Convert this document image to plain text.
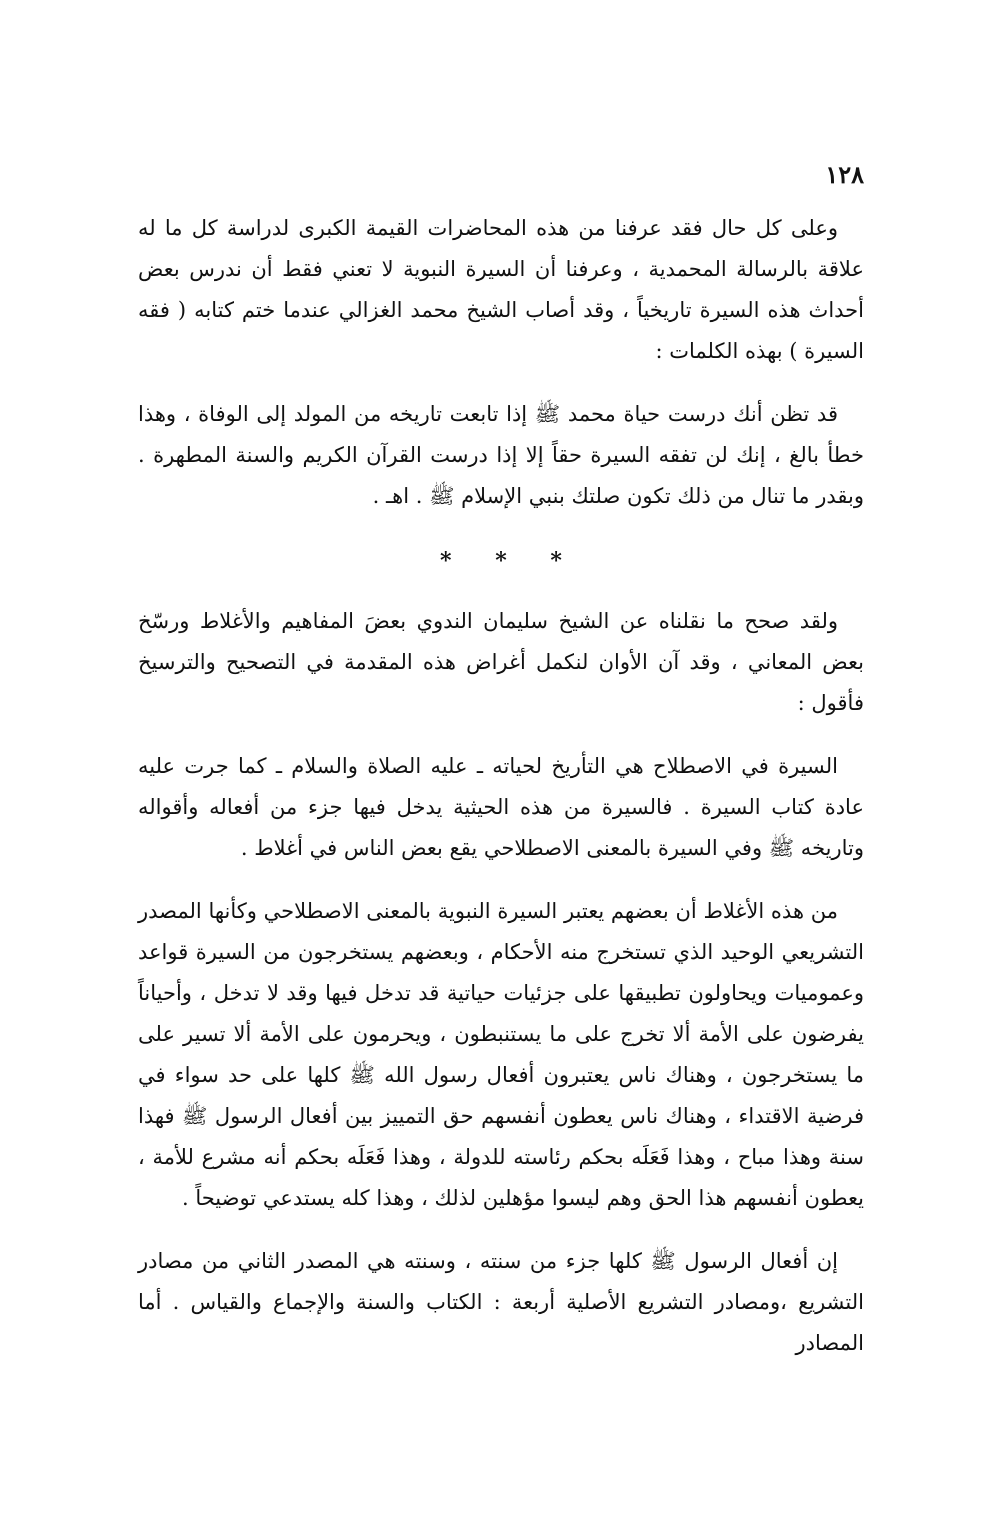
١٢٨

وعلى كل حال فقد عرفنا من هذه المحاضرات القيمة الكبرى لدراسة كل ما له علاقة بالرسالة المحمدية ، وعرفنا أن السيرة النبوية لا تعني فقط أن ندرس بعض أحداث هذه السيرة تاريخياً ، وقد أصاب الشيخ محمد الغزالي عندما ختم كتابه ( فقه السيرة ) بهذه الكلمات :

قد تظن أنك درست حياة محمد ﷺ إذا تابعت تاريخه من المولد إلى الوفاة ، وهذا خطأ بالغ ، إنك لن تفقه السيرة حقاً إلا إذا درست القرآن الكريم والسنة المطهرة . وبقدر ما تنال من ذلك تكون صلتك بنبي الإسلام ﷺ . اهـ .

* * *

ولقد صحح ما نقلناه عن الشيخ سليمان الندوي بعضَ المفاهيم والأغلاط ورسّخ بعض المعاني ، وقد آن الأوان لنكمل أغراض هذه المقدمة في التصحيح والترسيخ فأقول :

السيرة في الاصطلاح هي التأريخ لحياته ـ عليه الصلاة والسلام ـ كما جرت عليه عادة كتاب السيرة . فالسيرة من هذه الحيثية يدخل فيها جزء من أفعاله وأقواله وتاريخه ﷺ وفي السيرة بالمعنى الاصطلاحي يقع بعض الناس في أغلاط .

من هذه الأغلاط أن بعضهم يعتبر السيرة النبوية بالمعنى الاصطلاحي وكأنها المصدر التشريعي الوحيد الذي تستخرج منه الأحكام ، وبعضهم يستخرجون من السيرة قواعد وعموميات ويحاولون تطبيقها على جزئيات حياتية قد تدخل فيها وقد لا تدخل ، وأحياناً يفرضون على الأمة ألا تخرج على ما يستنبطون ، ويحرمون على الأمة ألا تسير على ما يستخرجون ، وهناك ناس يعتبرون أفعال رسول الله ﷺ كلها على حد سواء في فرضية الاقتداء ، وهناك ناس يعطون أنفسهم حق التمييز بين أفعال الرسول ﷺ فهذا سنة وهذا مباح ، وهذا فَعَلَه بحكم رئاسته للدولة ، وهذا فَعَلَه بحكم أنه مشرع للأمة ، يعطون أنفسهم هذا الحق وهم ليسوا مؤهلين لذلك ، وهذا كله يستدعي توضيحاً .

إن أفعال الرسول ﷺ كلها جزء من سنته ، وسنته هي المصدر الثاني من مصادر التشريع ،ومصادر التشريع الأصلية أربعة : الكتاب والسنة والإجماع والقياس . أما المصادر
